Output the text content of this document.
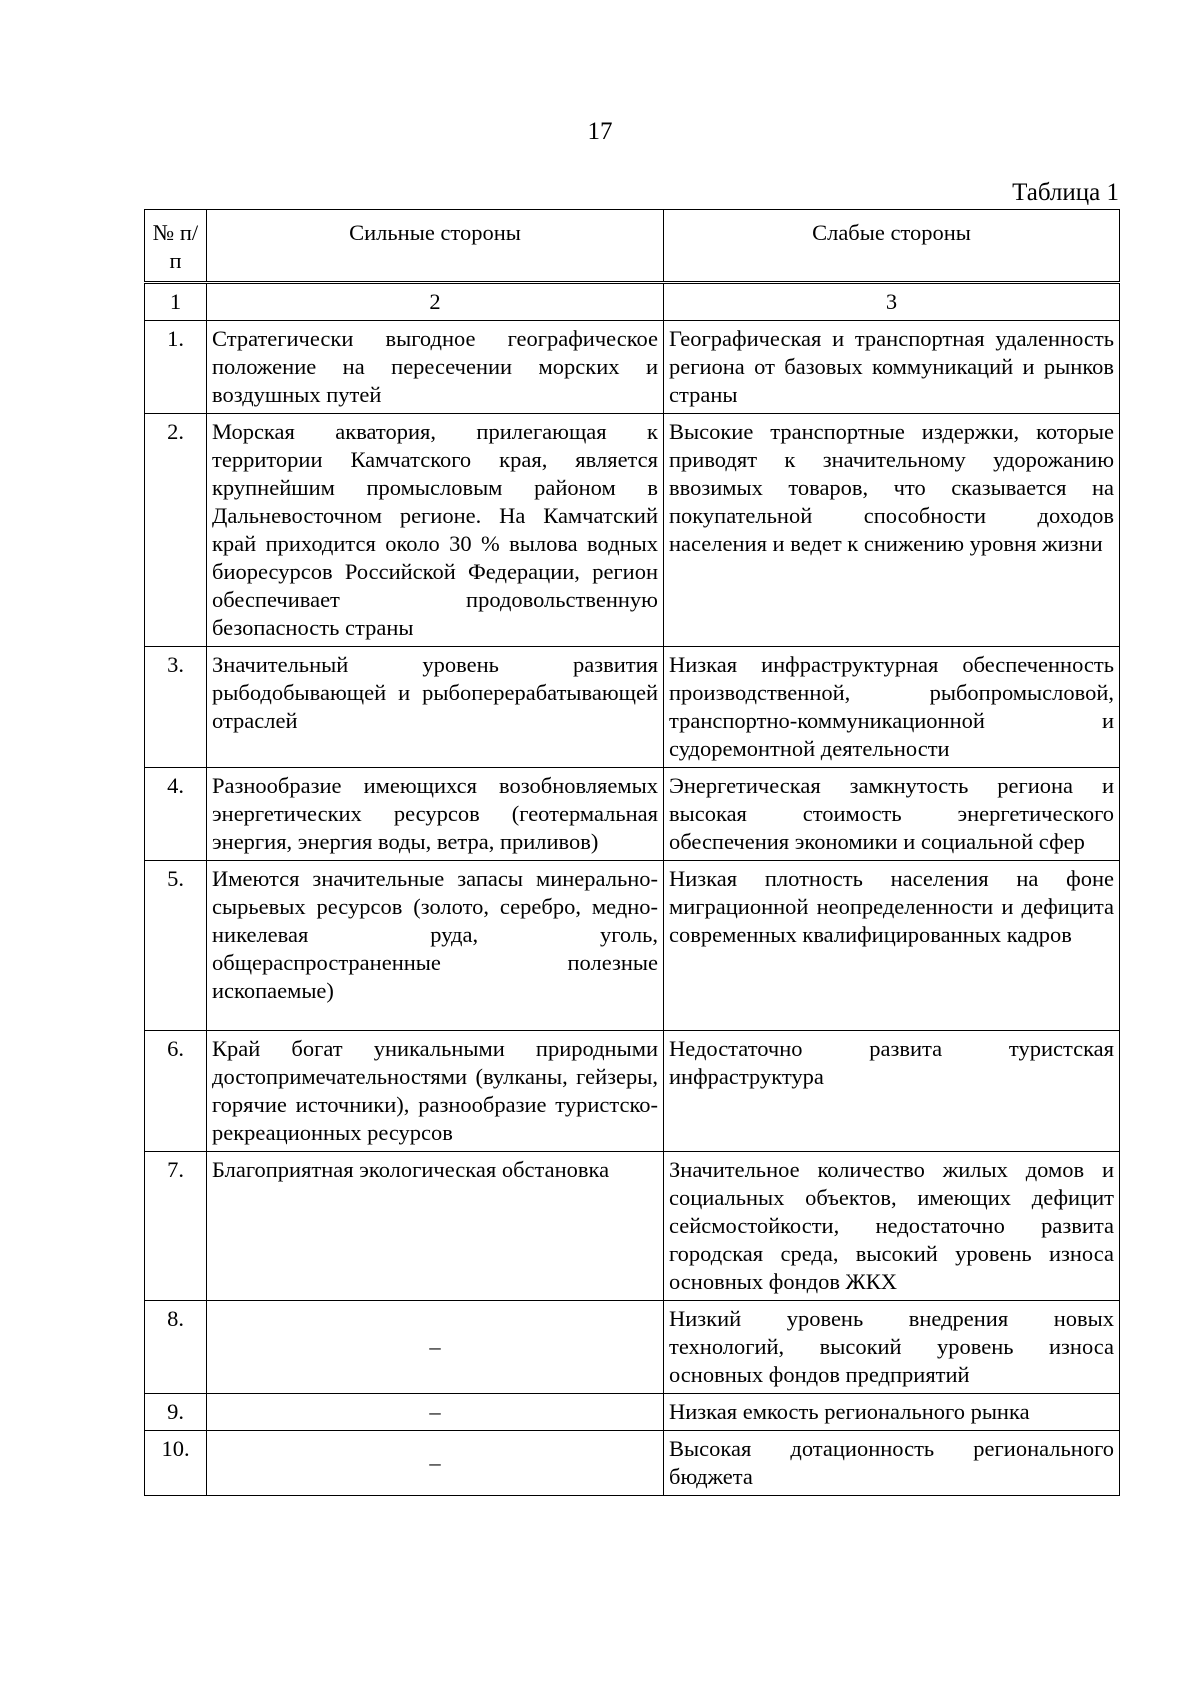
17
Таблица 1
№ п/п	Сильные стороны	Слабые стороны
1	2	3
1.	Стратегически выгодное географическое положение на пересечении морских и воздушных путей	Географическая и транспортная удаленность региона от базовых коммуникаций и рынков страны
2.	Морская акватория, прилегающая к территории Камчатского края, является крупнейшим промысловым районом в Дальневосточном регионе. На Камчатский край приходится около 30 % вылова водных биоресурсов Российской Федерации, регион обеспечивает продовольственную безопасность страны	Высокие транспортные издержки, которые приводят к значительному удорожанию ввозимых товаров, что сказывается на покупательной способности доходов населения и ведет к снижению уровня жизни
3.	Значительный уровень развития рыбодобывающей и рыбоперерабатывающей отраслей	Низкая инфраструктурная обеспеченность производственной, рыбопромысловой, транспортно-коммуникационной и судоремонтной деятельности
4.	Разнообразие имеющихся возобновляемых энергетических ресурсов (геотермальная энергия, энергия воды, ветра, приливов)	Энергетическая замкнутость региона и высокая стоимость энергетического обеспечения экономики и социальной сфер
5.	Имеются значительные запасы минерально-сырьевых ресурсов (золото, серебро, медно-никелевая руда, уголь, общераспространенные полезные ископаемые)	Низкая плотность населения на фоне миграционной неопределенности и дефицита современных квалифицированных кадров
6.	Край богат уникальными природными достопримечательностями (вулканы, гейзеры, горячие источники), разнообразие туристско-рекреационных ресурсов	Недостаточно развита туристская инфраструктура
7.	Благоприятная экологическая обстановка	Значительное количество жилых домов и социальных объектов, имеющих дефицит сейсмостойкости, недостаточно развита городская среда, высокий уровень износа основных фондов ЖКХ
8.	–	Низкий уровень внедрения новых технологий, высокий уровень износа основных фондов предприятий
9.	–	Низкая емкость регионального рынка
10.	–	Высокая дотационность регионального бюджета
